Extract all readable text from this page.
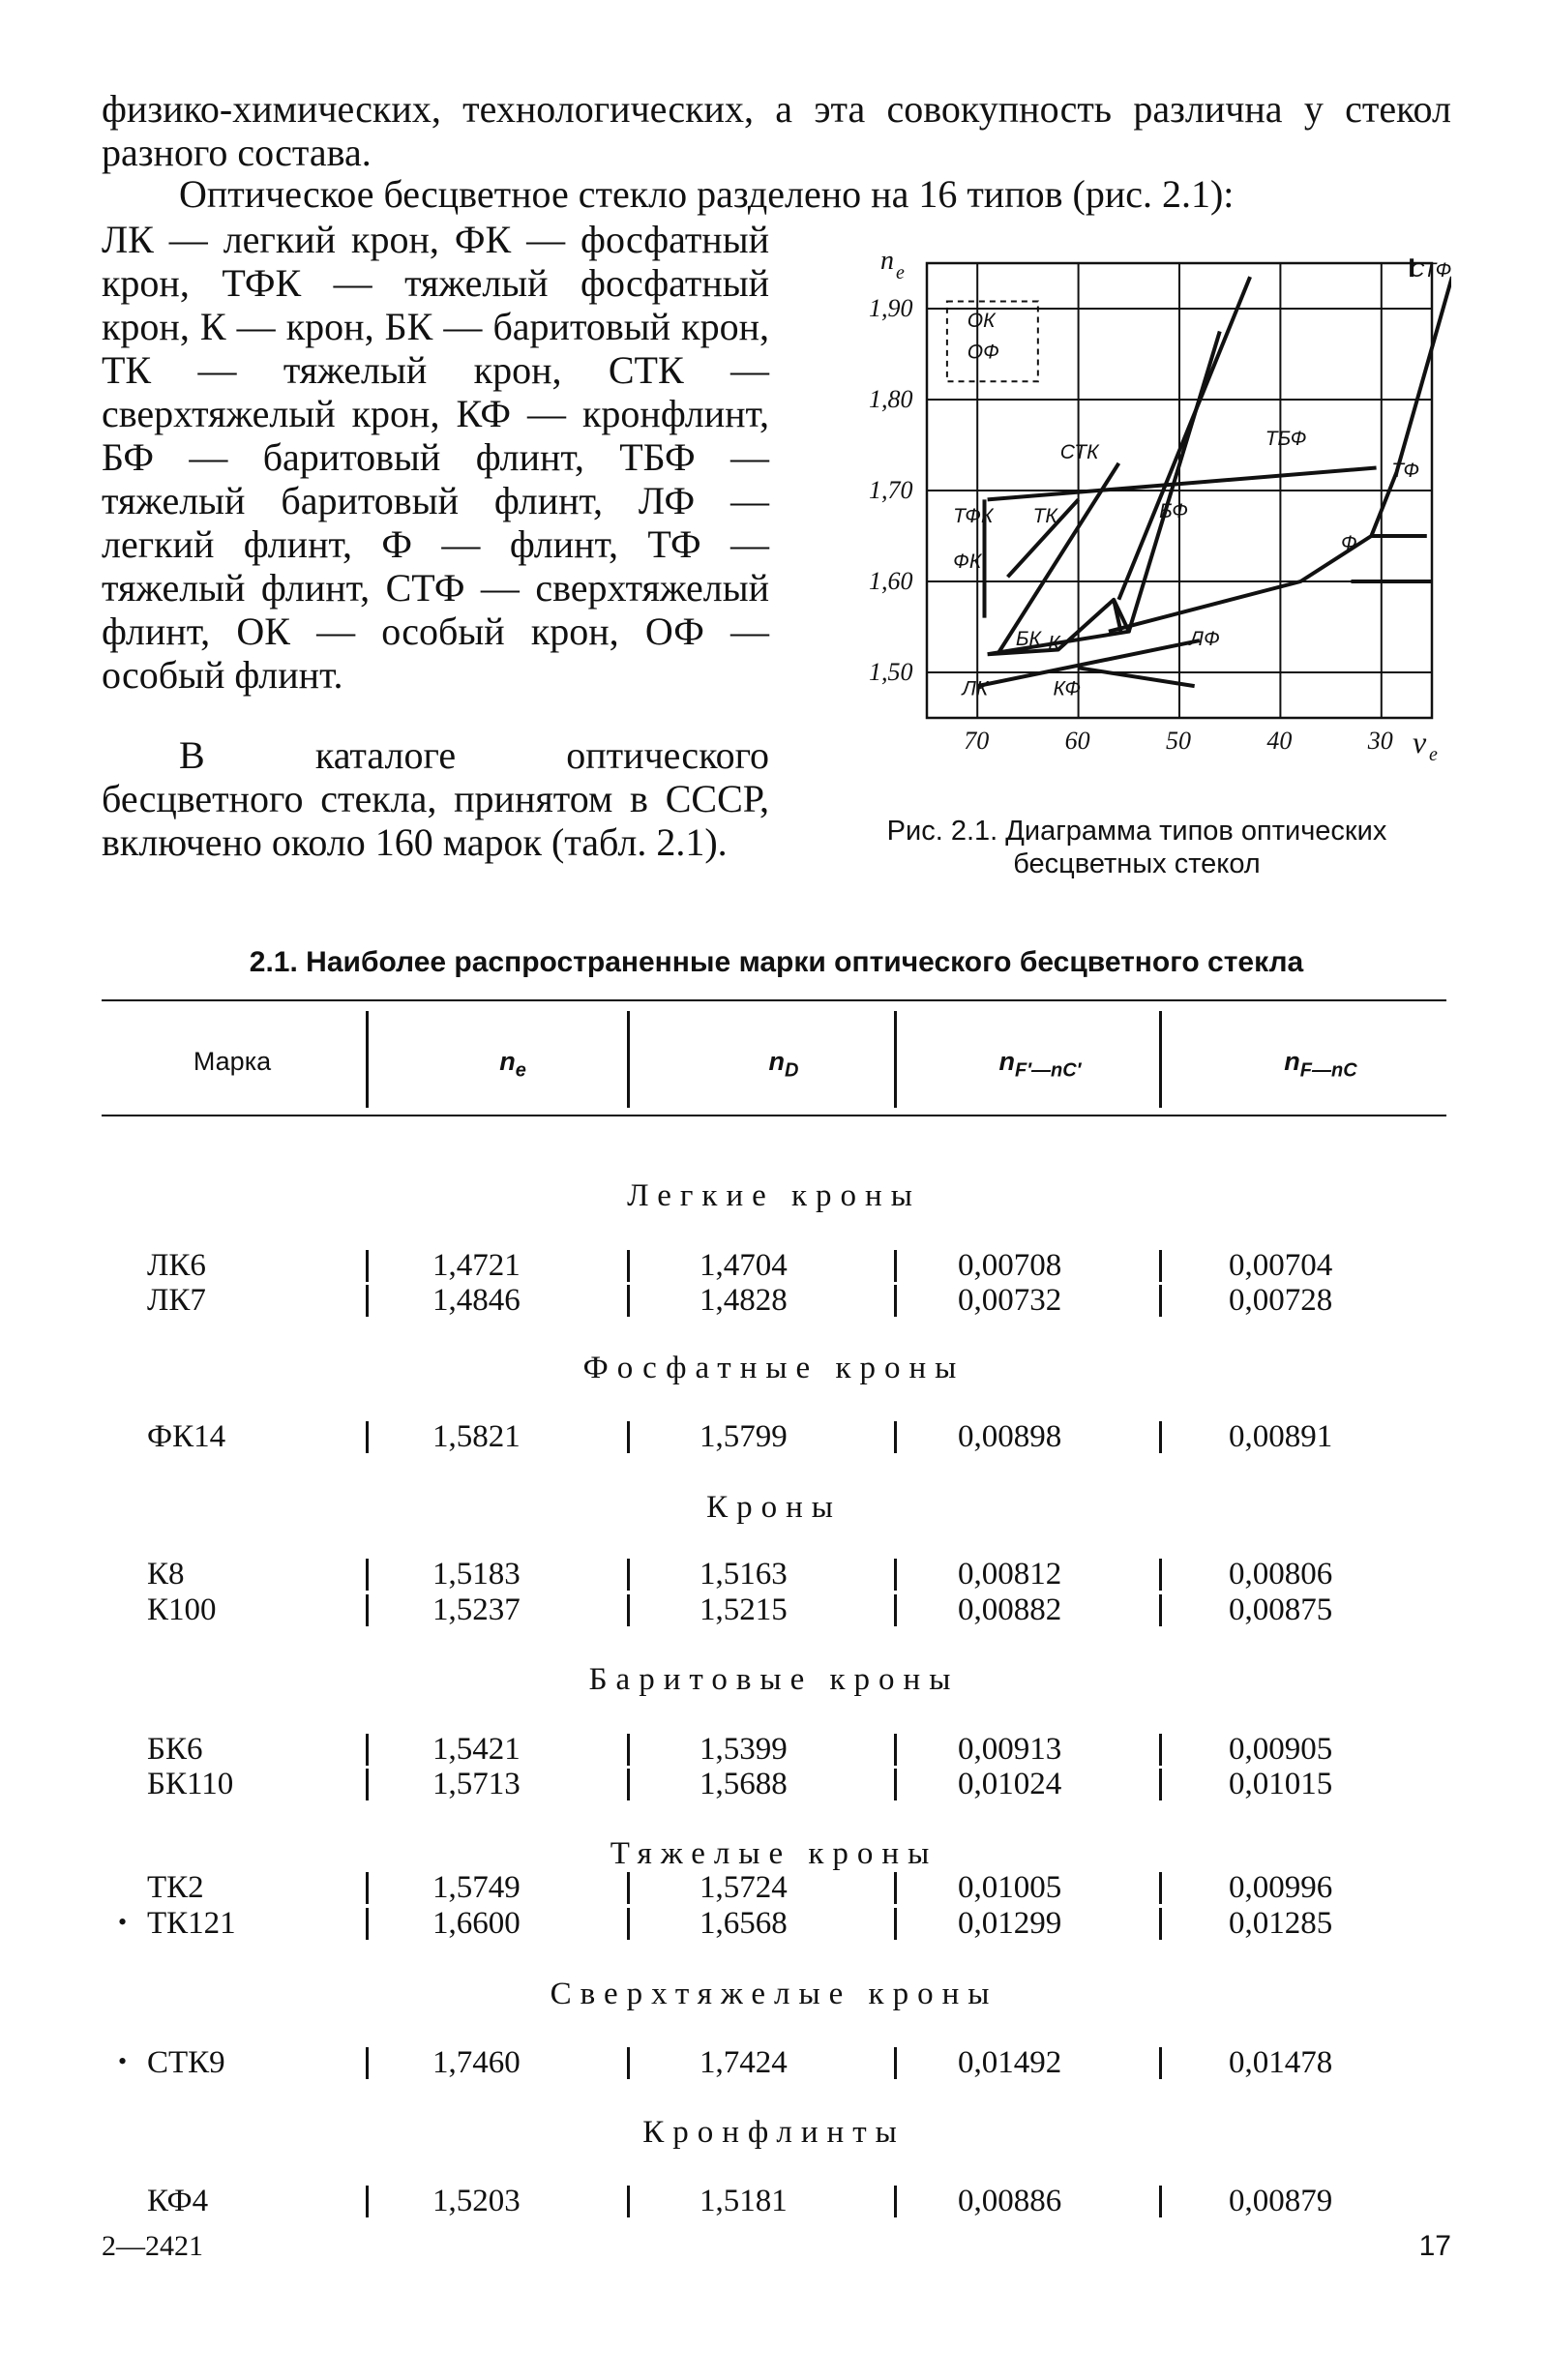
физико-химических, технологических, а эта совокупность различна у стекол разного состава.

Оптическое бесцветное стекло разделено на 16 типов (рис. 2.1):

ЛК — легкий крон, ФК — фосфатный крон, ТФК — тяжелый фосфатный крон, К — крон, БК — баритовый крон, ТК — тяжелый крон, СТК — сверхтяжелый крон, КФ — кронфлинт, БФ — баритовый флинт, ТБФ — тяжелый баритовый флинт, ЛФ — легкий флинт, Ф — флинт, ТФ — тяжелый флинт, СТФ — сверхтяжелый флинт, ОК — особый крон, ОФ — особый флинт.

В каталоге оптического бесцветного стекла, принятом в СССР, включено около 160 марок (табл. 2.1).

70	60	50	40	30
1,50
1,60
1,70
1,80
1,90	ОК
ОФ
СТК
ТБФ
ТФ
СТФ
ТФК ТК	БФ
Ф
ФК
БК К	ЛФ
ЛК	КФ
n e
ν e
Рис. 2.1. Диаграмма типов оптических бесцветных стекол
2.1. Наиболее распространенные марки оптического бесцветного стекла
Марка	$n_e$	$n_D$	$n_{F'—nC'}$	$n_{F—nC}$
Легкие кроны
ЛК6	1,4721	1,4704	0,00708	0,00704
ЛК7	1,4846	1,4828	0,00732	0,00728
Фосфатные кроны
ФК14	1,5821	1,5799	0,00898	0,00891
Кроны
К8	1,5183	1,5163	0,00812	0,00806
К100	1,5237	1,5215	0,00882	0,00875
Баритовые кроны
БК6	1,5421	1,5399	0,00913	0,00905
БК110	1,5713	1,5688	0,01024	0,01015
Тяжелые кроны
ТК2	1,5749	1,5724	0,01005	0,00996
ТК121	1,6600	1,6568	0,01299	0,01285
•
Сверхтяжелые кроны
СТК9	1,7460	1,7424	0,01492	0,01478
•
Кронфлинты
КФ4	1,5203	1,5181	0,00886	0,00879
2—2421	17
